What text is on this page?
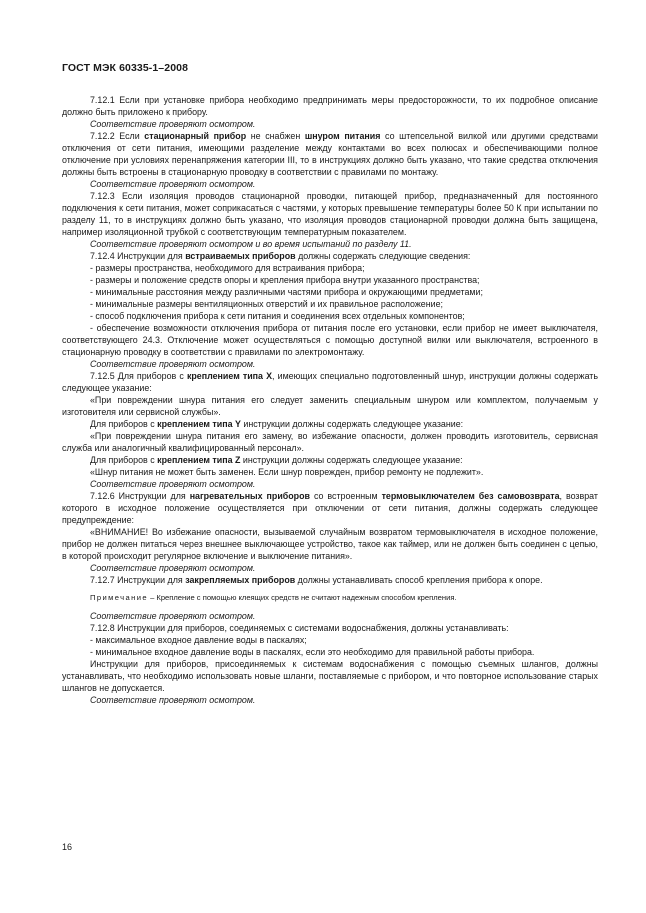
ГОСТ МЭК 60335-1–2008

7.12.1 Если при установке прибора необходимо предпринимать меры предосторожности, то их подробное описание должно быть приложено к прибору.

Соответствие проверяют осмотром.

7.12.2 Если стационарный прибор не снабжен шнуром питания со штепсельной вилкой или другими средствами отключения от сети питания, имеющими разделение между контактами во всех полюсах и обеспечивающими полное отключение при условиях перенапряжения категории III, то в инструкциях должно быть указано, что такие средства отключения должны быть встроены в стационарную проводку в соответствии с правилами по монтажу.

Соответствие проверяют осмотром.

7.12.3 Если изоляция проводов стационарной проводки, питающей прибор, предназначенный для постоянного подключения к сети питания, может соприкасаться с частями, у которых превышение температуры более 50 К при испытании по разделу 11, то в инструкциях должно быть указано, что изоляция проводов стационарной проводки должна быть защищена, например изоляционной трубкой с соответствующим температурным показателем.

Соответствие проверяют осмотром и во время испытаний по разделу 11.

7.12.4 Инструкции для встраиваемых приборов должны содержать следующие сведения:

- размеры пространства, необходимого для встраивания прибора;

- размеры и положение средств опоры и крепления прибора внутри указанного пространства;

- минимальные расстояния между различными частями прибора и окружающими предметами;

- минимальные размеры вентиляционных отверстий и их правильное расположение;

- способ подключения прибора к сети питания и соединения всех отдельных компонентов;

- обеспечение возможности отключения прибора от питания после его установки, если прибор не имеет выключателя, соответствующего 24.3. Отключение может осуществляться с помощью доступной вилки или выключателя, встроенного в стационарную проводку в соответствии с правилами по электромонтажу.

Соответствие проверяют осмотром.

7.12.5 Для приборов с креплением типа X, имеющих специально подготовленный шнур, инструкции должны содержать следующее указание:

«При повреждении шнура питания его следует заменить специальным шнуром или комплектом, получаемым у изготовителя или сервисной службы».

Для приборов с креплением типа Y инструкции должны содержать следующее указание:

«При повреждении шнура питания его замену, во избежание опасности, должен проводить изготовитель, сервисная служба или аналогичный квалифицированный персонал».

Для приборов с креплением типа Z инструкции должны содержать следующее указание:

«Шнур питания не может быть заменен. Если шнур поврежден, прибор ремонту не подлежит».

Соответствие проверяют осмотром.

7.12.6 Инструкции для нагревательных приборов со встроенным термовыключателем без самовозврата, возврат которого в исходное положение осуществляется при отключении от сети питания, должны содержать следующее предупреждение:

«ВНИМАНИЕ! Во избежание опасности, вызываемой случайным возвратом термовыключателя в исходное положение, прибор не должен питаться через внешнее выключающее устройство, такое как таймер, или не должен быть соединен с цепью, в которой происходит регулярное включение и выключение питания».

Соответствие проверяют осмотром.

7.12.7 Инструкции для закрепляемых приборов должны устанавливать способ крепления прибора к опоре.

Примечание – Крепление с помощью клеящих средств не считают надежным способом крепления.

Соответствие проверяют осмотром.

7.12.8 Инструкции для приборов, соединяемых с системами водоснабжения, должны устанавливать:

- максимальное входное давление воды в паскалях;

- минимальное входное давление воды в паскалях, если это необходимо для правильной работы прибора.

Инструкции для приборов, присоединяемых к системам водоснабжения с помощью съемных шлангов, должны устанавливать, что необходимо использовать новые шланги, поставляемые с прибором, и что повторное использование старых шлангов не допускается.

Соответствие проверяют осмотром.

16
